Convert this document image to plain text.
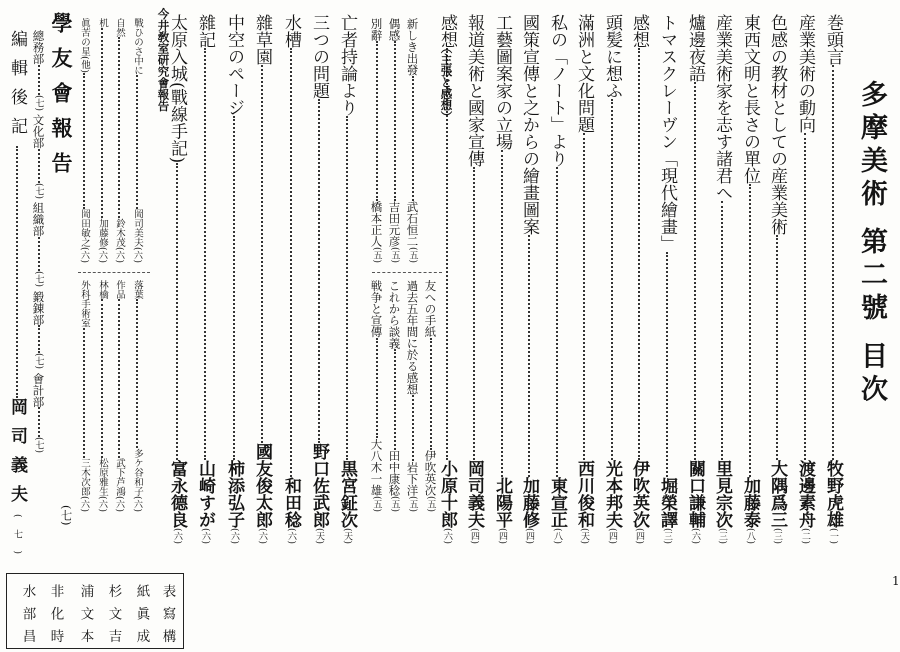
多摩美術 第二號 目次
巻頭言牧野虎雄(一)
産業美術の動向渡邊素舟(二)
色感の教材としての産業美術大隅爲三(三)
東西文明と長さの單位加藤泰(八)
産業美術家を志す諸君へ里見宗次(三)
爐邊夜語關口謙輔(六)
トマスクレーヴン「現代繪畫」堀榮譯(三)
感想伊吹英次(四)
頭髪に想ふ光本邦夫(四)
滿洲と文化問題西川俊和(天)
私の「ノート」より東宣正(八)
國策宣傳と之からの繪畫圖案加藤修(四)
工藝圖案家の立場北陽平(四)
報道美術と國家宣傳岡司義夫(四)
感想小原十郎(六)
（主張と感想）
新しき出發武石恒二(五)
偶感吉田元彦(五)
別辭橋本正人(五)
友への手紙伊吹英次(五)
過去五年間に於る感想岩下洋(五)
これから談義田中康稔(五)
戦争と宣傳大八木一雄(五)
亡者持論より黒宮鉦次(天)
三つの問題野口佐武郎(天)
水槽和田稔(六)
雜草園國友俊太郎(六)
中空のページ柿添弘子(六)
雜記山崎すが(六)
太原入城(戰線手記)富永德良(六)
今井敎室研究會報告
戰ひのさ中に岡司美夫(六)
自然鈴木茂(六)
机加藤修(六)
眞苦の星(他)岡田敏之(六)
落葉多ケ谷和子(六)
作品武下芦鴻(六)
林檎松原雅生(六)
外科手術室三木次郎(六)
學友會報告
(七)
總務部(七) 文化部(七) 組織部(七) 鍛錬部(七) 會計部(七)
編輯後記岡司義夫(七)
表寫構
紙眞成
杉文吉
浦文本
非化時
水部昌
1
